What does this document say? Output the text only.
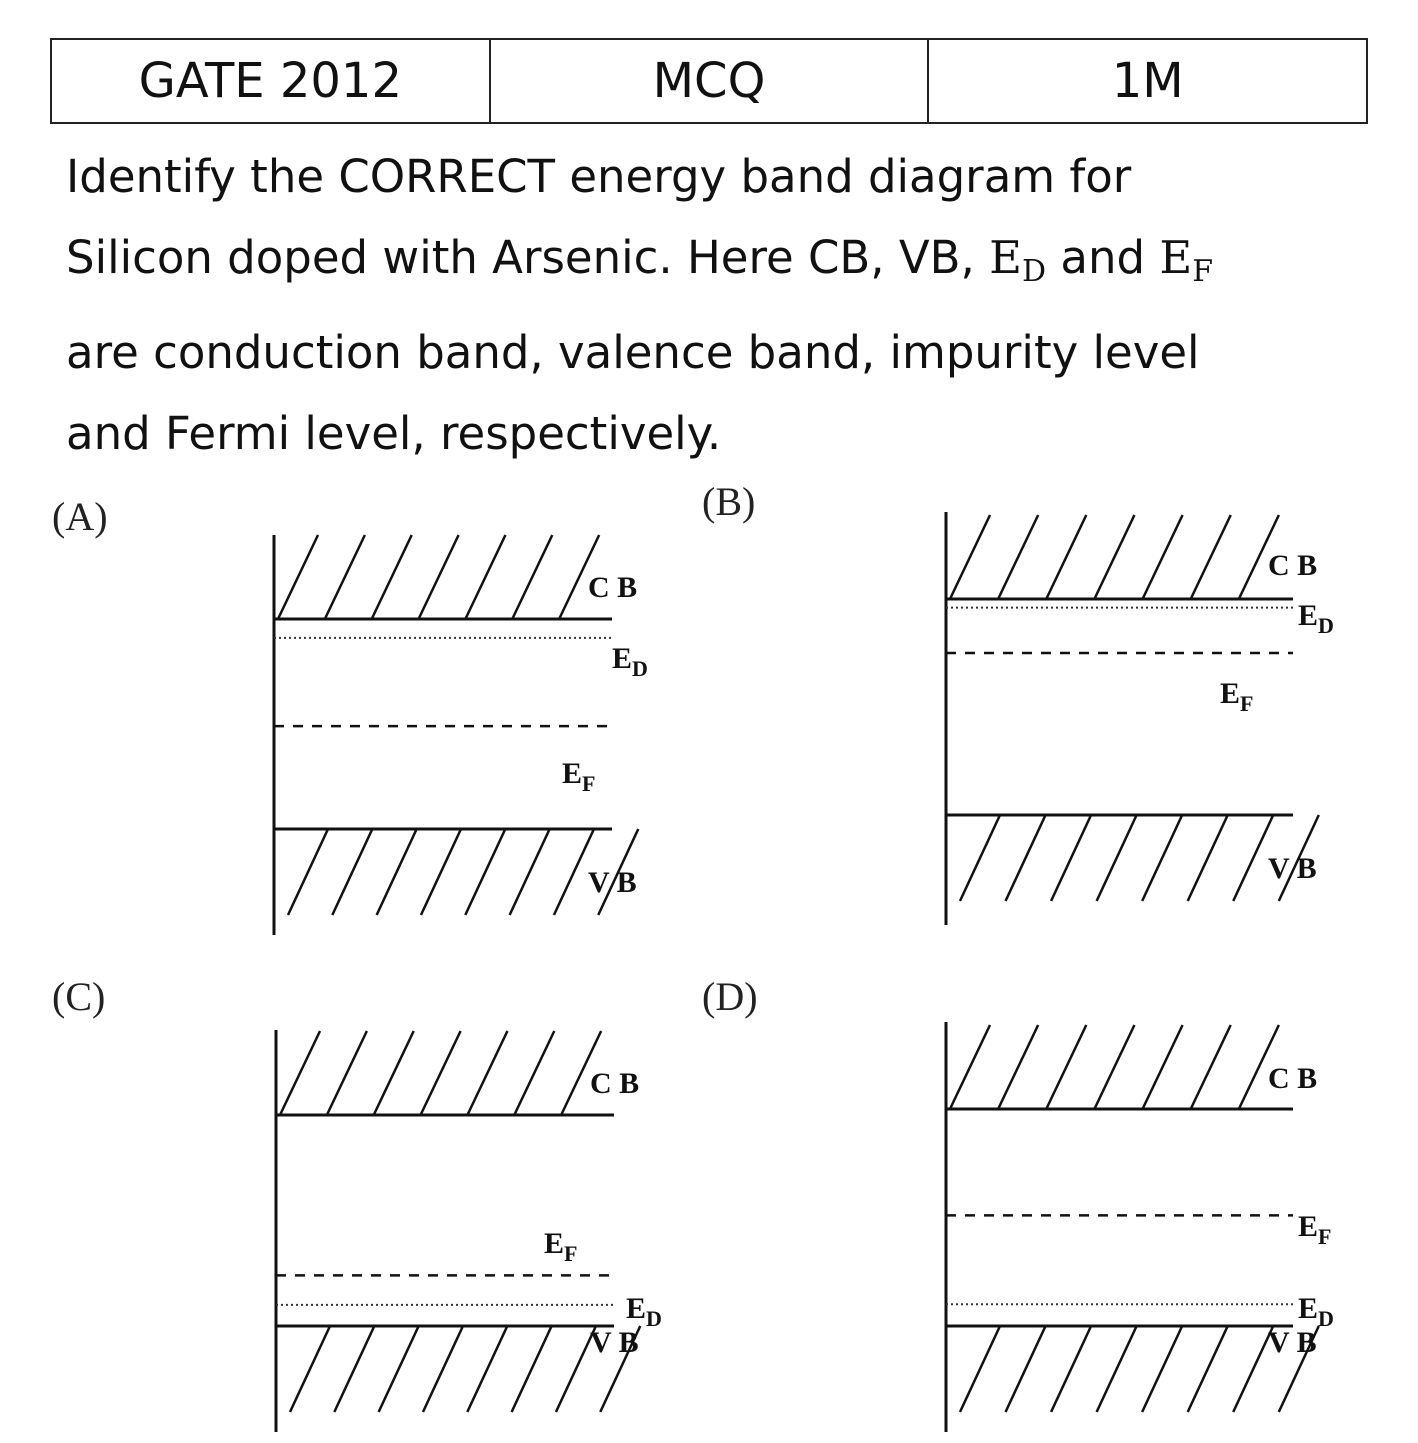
GATE 2012	MCQ	1M
Identify the CORRECT energy band diagram for
Silicon doped with Arsenic. Here CB, VB, $E_D$ and $E_F$
are conduction band, valence band, impurity level
and Fermi level, respectively.
(A)
C B
V B
E D
E F
(B)
C B
V B
E D
E F
(C)
C B
V B
E D
E F
(D)
C B
V B
E D
E F
